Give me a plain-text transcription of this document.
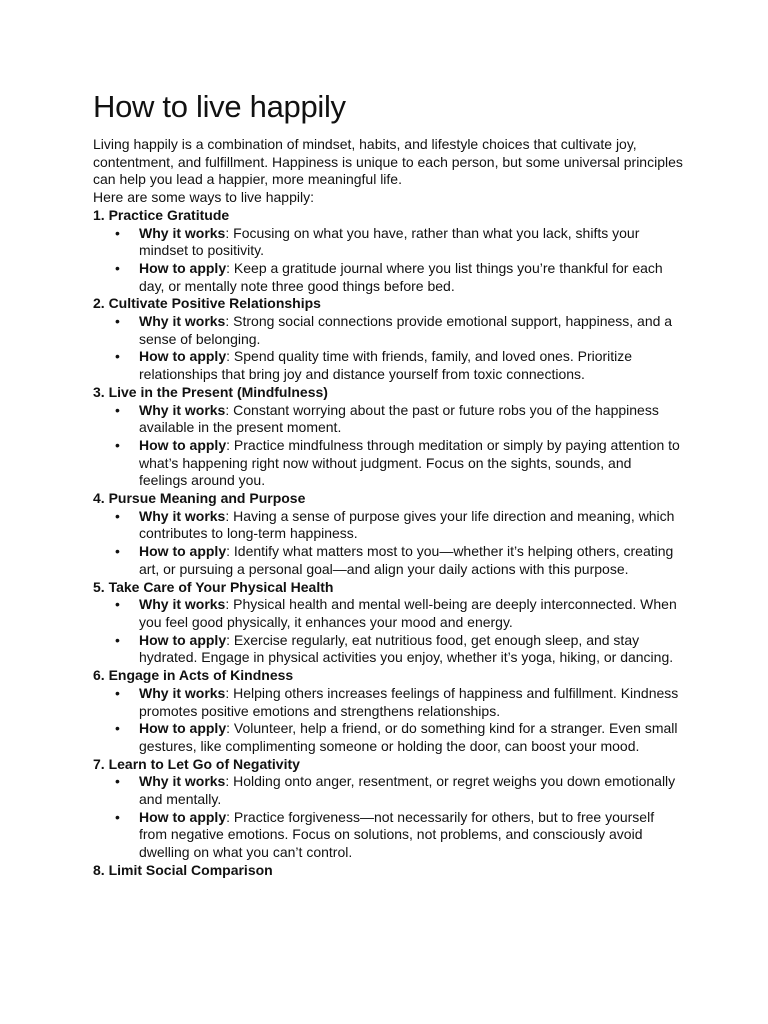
How to live happily

Living happily is a combination of mindset, habits, and lifestyle choices that cultivate joy, contentment, and fulfillment. Happiness is unique to each person, but some universal principles can help you lead a happier, more meaningful life.

Here are some ways to live happily:

1. Practice Gratitude
• Why it works: Focusing on what you have, rather than what you lack, shifts your mindset to positivity.
• How to apply: Keep a gratitude journal where you list things you’re thankful for each day, or mentally note three good things before bed.
2. Cultivate Positive Relationships
• Why it works: Strong social connections provide emotional support, happiness, and a sense of belonging.
• How to apply: Spend quality time with friends, family, and loved ones. Prioritize relationships that bring joy and distance yourself from toxic connections.
3. Live in the Present (Mindfulness)
• Why it works: Constant worrying about the past or future robs you of the happiness available in the present moment.
• How to apply: Practice mindfulness through meditation or simply by paying attention to what’s happening right now without judgment. Focus on the sights, sounds, and feelings around you.
4. Pursue Meaning and Purpose
• Why it works: Having a sense of purpose gives your life direction and meaning, which contributes to long-term happiness.
• How to apply: Identify what matters most to you—whether it’s helping others, creating art, or pursuing a personal goal—and align your daily actions with this purpose.
5. Take Care of Your Physical Health
• Why it works: Physical health and mental well-being are deeply interconnected. When you feel good physically, it enhances your mood and energy.
• How to apply: Exercise regularly, eat nutritious food, get enough sleep, and stay hydrated. Engage in physical activities you enjoy, whether it’s yoga, hiking, or dancing.
6. Engage in Acts of Kindness
• Why it works: Helping others increases feelings of happiness and fulfillment. Kindness promotes positive emotions and strengthens relationships.
• How to apply: Volunteer, help a friend, or do something kind for a stranger. Even small gestures, like complimenting someone or holding the door, can boost your mood.
7. Learn to Let Go of Negativity
• Why it works: Holding onto anger, resentment, or regret weighs you down emotionally and mentally.
• How to apply: Practice forgiveness—not necessarily for others, but to free yourself from negative emotions. Focus on solutions, not problems, and consciously avoid dwelling on what you can’t control.
8. Limit Social Comparison
